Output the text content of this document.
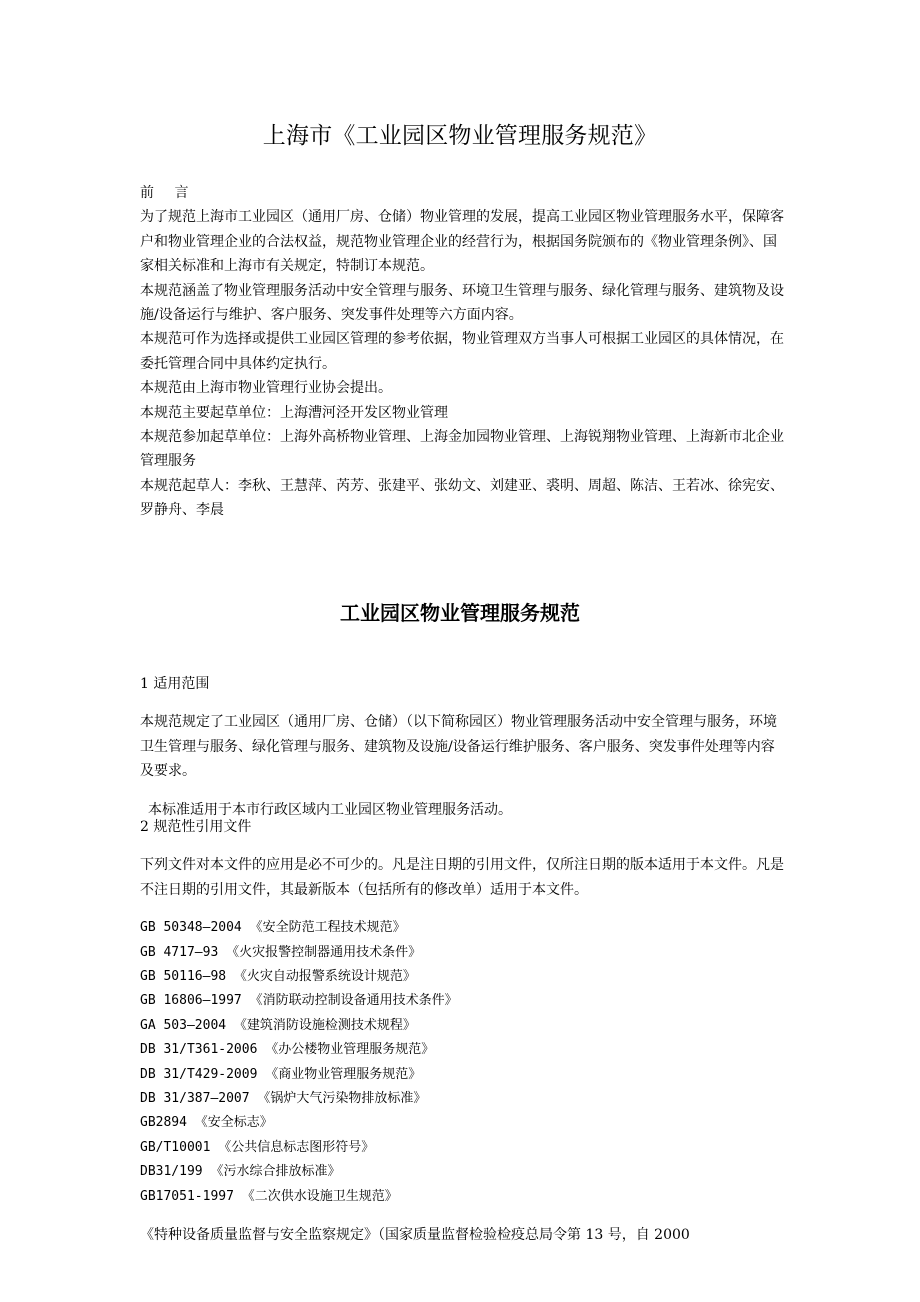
上海市《工业园区物业管理服务规范》

前 言

为了规范上海市工业园区（通用厂房、仓储）物业管理的发展，提高工业园区物业管理服务水平，保障客户和物业管理企业的合法权益，规范物业管理企业的经营行为，根据国务院颁布的《物业管理条例》、国家相关标准和上海市有关规定，特制订本规范。

本规范涵盖了物业管理服务活动中安全管理与服务、环境卫生管理与服务、绿化管理与服务、建筑物及设施/设备运行与维护、客户服务、突发事件处理等六方面内容。

本规范可作为选择或提供工业园区管理的参考依据，物业管理双方当事人可根据工业园区的具体情况，在委托管理合同中具体约定执行。

本规范由上海市物业管理行业协会提出。

本规范主要起草单位：上海漕河泾开发区物业管理

本规范参加起草单位：上海外高桥物业管理、上海金加园物业管理、上海锐翔物业管理、上海新市北企业管理服务

本规范起草人：李秋、王慧萍、芮芳、张建平、张幼文、刘建亚、裘明、周超、陈洁、王若冰、徐宪安、罗静舟、李晨

工业园区物业管理服务规范

1 适用范围

本规范规定了工业园区（通用厂房、仓储）（以下简称园区）物业管理服务活动中安全管理与服务，环境卫生管理与服务、绿化管理与服务、建筑物及设施/设备运行维护服务、客户服务、突发事件处理等内容及要求。

本标准适用于本市行政区域内工业园区物业管理服务活动。

2 规范性引用文件

下列文件对本文件的应用是必不可少的。凡是注日期的引用文件，仅所注日期的版本适用于本文件。凡是不注日期的引用文件，其最新版本（包括所有的修改单）适用于本文件。

GB 50348—2004 《安全防范工程技术规范》
GB 4717—93 《火灾报警控制器通用技术条件》
GB 50116—98 《火灾自动报警系统设计规范》
GB 16806—1997 《消防联动控制设备通用技术条件》
GA 503—2004 《建筑消防设施检测技术规程》
DB 31/T361-2006 《办公楼物业管理服务规范》
DB 31/T429-2009 《商业物业管理服务规范》
DB 31/387—2007 《锅炉大气污染物排放标准》
GB2894 《安全标志》
GB/T10001 《公共信息标志图形符号》
DB31/199 《污水综合排放标准》
GB17051-1997 《二次供水设施卫生规范》

《特种设备质量监督与安全监察规定》（国家质量监督检验检疫总局令第 13 号，自 2000
